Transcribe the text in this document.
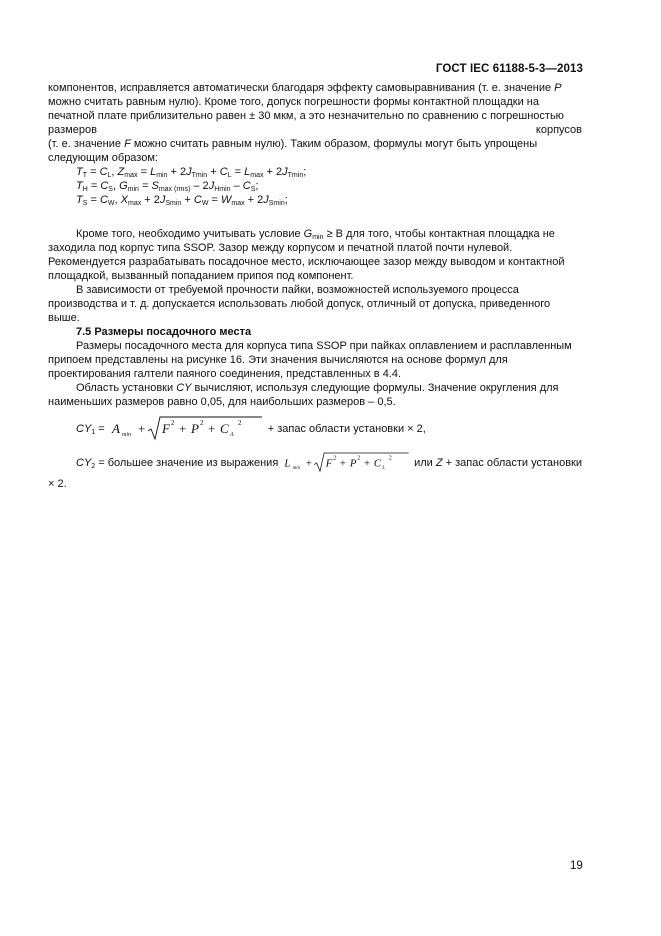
ГОСТ IEC 61188-5-3—2013

компонентов, исправляется автоматически благодаря эффекту самовыравнивания (т. е. значение P

можно считать равным нулю). Кроме того, допуск погрешности формы контактной площадки на

печатной плате приблизительно равен ± 30 мкм, а это незначительно по сравнению с погрешностью

размеров	корпусов

(т. е. значение F можно считать равным нулю). Таким образом, формулы могут быть упрощены

следующим образом:

$T_T = C_L$, $Z_{max} = L_{min} + 2J_{Tmin} + C_L = L_{max} + 2J_{Tmin}$;
$T_H = C_S$, $G_{min} = S_{max (rms)} - 2J_{Hmin} - C_S$;
$T_S = C_W$, $X_{max} + 2J_{Smin} + C_W = W_{max} + 2J_{Smin}$;

Кроме того, необходимо учитывать условие $G_{min} \ge B$ для того, чтобы контактная площадка не

заходила под корпус типа SSOP. Зазор между корпусом и печатной платой почти нулевой.

Рекомендуется разрабатывать посадочное место, исключающее зазор между выводом и контактной

площадкой, вызванный попаданием припоя под компонент.

В зависимости от требуемой прочности пайки, возможностей используемого процесса

производства и т. д. допускается использовать любой допуск, отличный от допуска, приведенного

выше.

7.5 Размеры посадочного места

Размеры посадочного места для корпуса типа SSOP при пайках оплавлением и расплавленным

припоем представлены на рисунке 16. Эти значения вычисляются на основе формул для

проектирования галтели паяного соединения, представленных в 4.4.

Область установки CY вычисляют, используя следующие формулы. Значение округления для

наименьших размеров равно 0,05, для наибольших размеров – 0,5.

$CY_1 = A$ min + F 2 + P 2 + C A
2 + запас области установки × 2,
$CY_2$ = большее значение из выражения L min + F 2 + P 2 + C L
2 или Z + запас области установки

× 2.

19
